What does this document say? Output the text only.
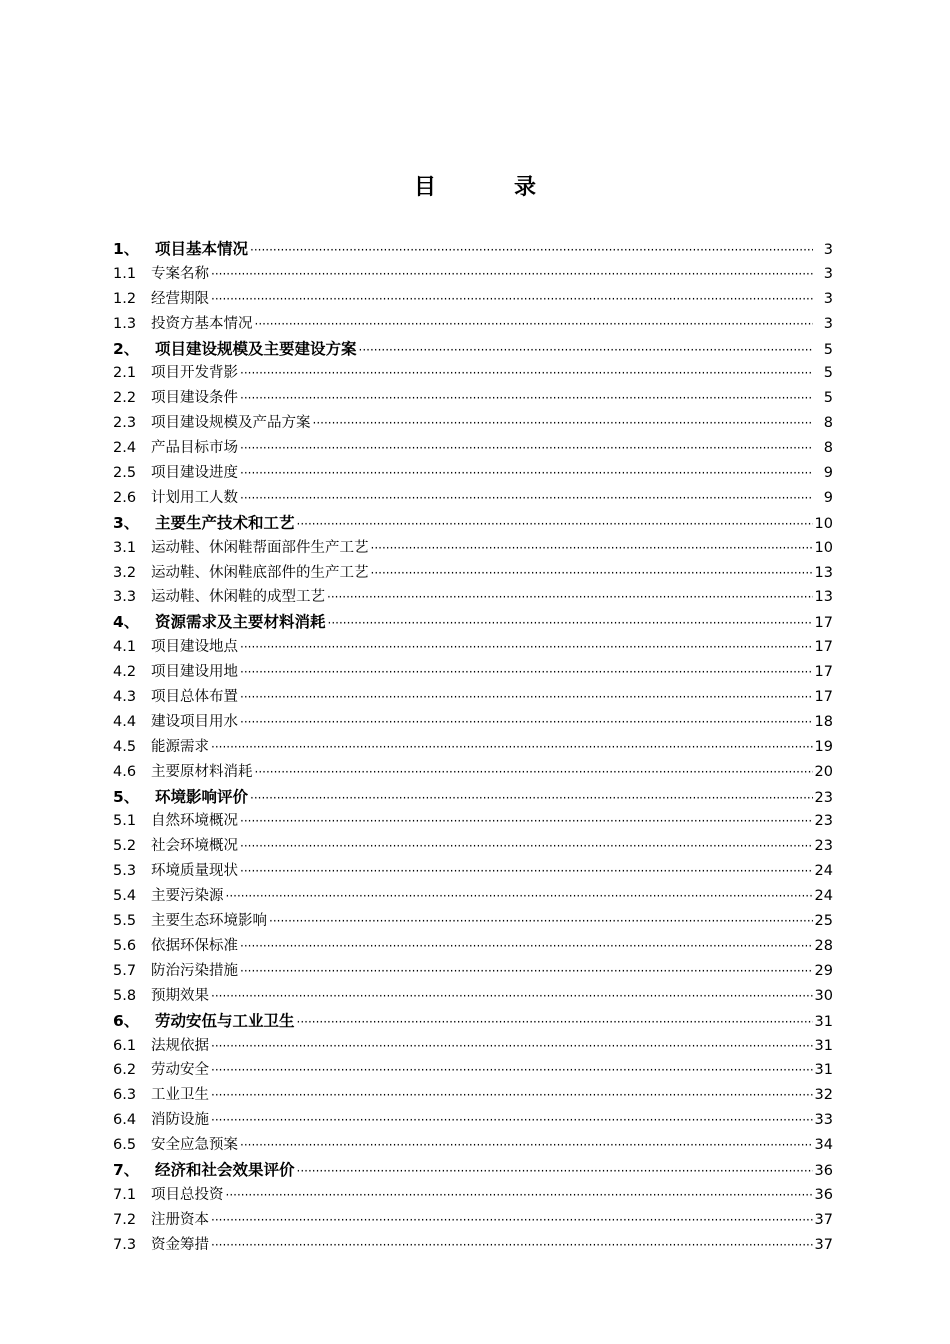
目　录
1、	项目基本情况 ·····	3
1.1	专案名称 ·····	3
1.2	经营期限 ·····	3
1.3	投资方基本情况 ·····	3
2、	项目建设规模及主要建设方案 ·····	5
2.1	项目开发背影 ·····	5
2.2	项目建设条件 ·····	5
2.3	项目建设规模及产品方案 ·····	8
2.4	产品目标市场 ·····	8
2.5	项目建设进度 ·····	9
2.6	计划用工人数 ·····	9
3、	主要生产技术和工艺 ·····	10
3.1	运动鞋、休闲鞋帮面部件生产工艺 ·····	10
3.2	运动鞋、休闲鞋底部件的生产工艺 ·····	13
3.3	运动鞋、休闲鞋的成型工艺 ·····	13
4、	资源需求及主要材料消耗 ·····	17
4.1	项目建设地点 ·····	17
4.2	项目建设用地 ·····	17
4.3	项目总体布置 ·····	17
4.4	建设项目用水 ·····	18
4.5	能源需求 ·····	19
4.6	主要原材料消耗 ·····	20
5、	环境影响评价 ·····	23
5.1	自然环境概况 ·····	23
5.2	社会环境概况 ·····	23
5.3	环境质量现状 ·····	24
5.4	主要污染源 ·····	24
5.5	主要生态环境影响 ·····	25
5.6	依据环保标准 ·····	28
5.7	防治污染措施 ·····	29
5.8	预期效果 ·····	30
6、	劳动安伍与工业卫生 ·····	31
6.1	法规依据 ·····	31
6.2	劳动安全 ·····	31
6.3	工业卫生 ·····	32
6.4	消防设施 ·····	33
6.5	安全应急预案 ·····	34
7、	经济和社会效果评价 ·····	36
7.1	项目总投资 ·····	36
7.2	注册资本 ·····	37
7.3	资金筹措 ·····	37
